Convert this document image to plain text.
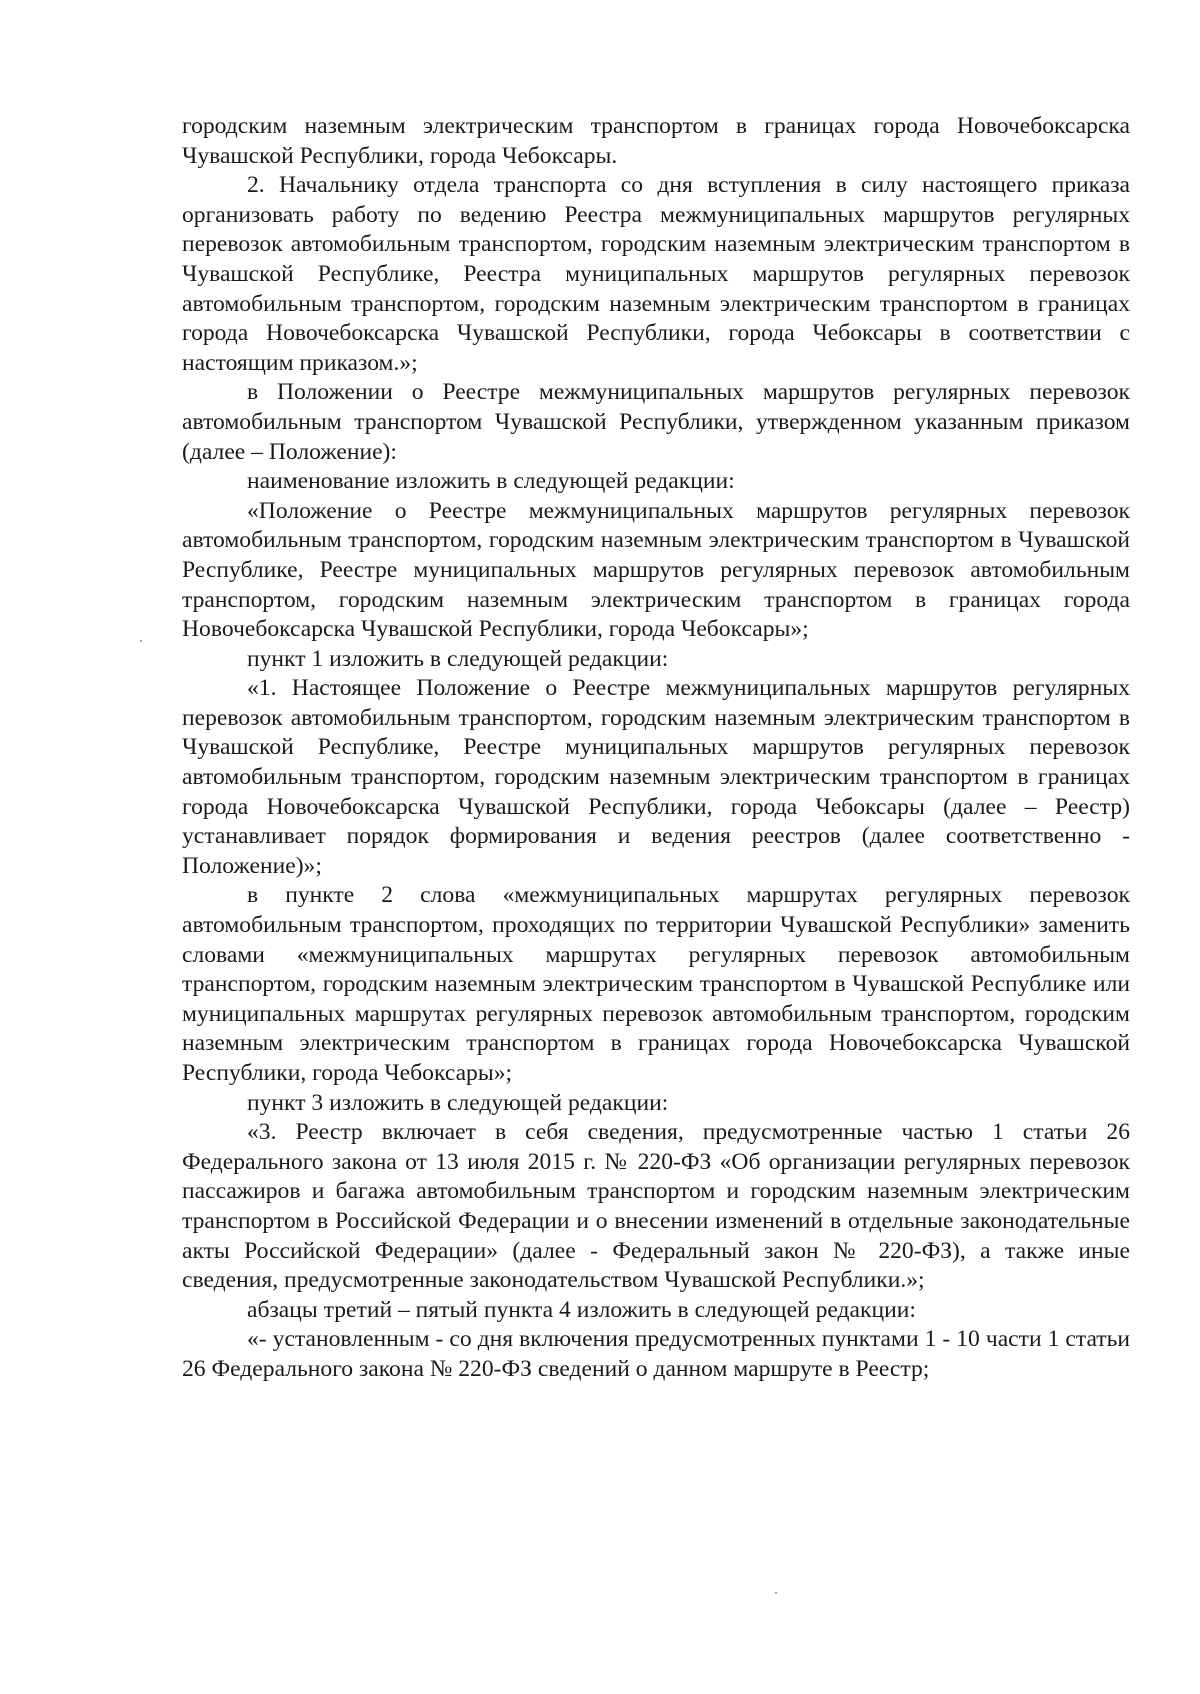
городским наземным электрическим транспортом в границах города Новочебоксарска Чувашской Республики, города Чебоксары.

2. Начальнику отдела транспорта со дня вступления в силу настоящего приказа организовать работу по ведению Реестра межмуниципальных маршрутов регулярных перевозок автомобильным транспортом, городским наземным электрическим транспортом в Чувашской Республике, Реестра муниципальных маршрутов регулярных перевозок автомобильным транспортом, городским наземным электрическим транспортом в границах города Новочебоксарска Чувашской Республики, города Чебоксары в соответствии с настоящим приказом.»;

в Положении о Реестре межмуниципальных маршрутов регулярных перевозок автомобильным транспортом Чувашской Республики, утвержденном указанным приказом (далее – Положение):

наименование изложить в следующей редакции:

«Положение о Реестре межмуниципальных маршрутов регулярных перевозок автомобильным транспортом, городским наземным электрическим транспортом в Чувашской Республике, Реестре муниципальных маршрутов регулярных перевозок автомобильным транспортом, городским наземным электрическим транспортом в границах города Новочебоксарска Чувашской Республики, города Чебоксары»;

пункт 1 изложить в следующей редакции:

«1. Настоящее Положение о Реестре межмуниципальных маршрутов регулярных перевозок автомобильным транспортом, городским наземным электрическим транспортом в Чувашской Республике, Реестре муниципальных маршрутов регулярных перевозок автомобильным транспортом, городским наземным электрическим транспортом в границах города Новочебоксарска Чувашской Республики, города Чебоксары (далее – Реестр) устанавливает порядок формирования и ведения реестров (далее соответственно - Положение)»;

в пункте 2 слова «межмуниципальных маршрутах регулярных перевозок автомобильным транспортом, проходящих по территории Чувашской Республики» заменить словами «межмуниципальных маршрутах регулярных перевозок автомобильным транспортом, городским наземным электрическим транспортом в Чувашской Республике или муниципальных маршрутах регулярных перевозок автомобильным транспортом, городским наземным электрическим транспортом в границах города Новочебоксарска Чувашской Республики, города Чебоксары»;

пункт 3 изложить в следующей редакции:

«3. Реестр включает в себя сведения, предусмотренные частью 1 статьи 26 Федерального закона от 13 июля 2015 г. № 220-ФЗ «Об организации регулярных перевозок пассажиров и багажа автомобильным транспортом и городским наземным электрическим транспортом в Российской Федерации и о внесении изменений в отдельные законодательные акты Российской Федерации» (далее - Федеральный закон № 220-ФЗ), а также иные сведения, предусмотренные законодательством Чувашской Республики.»;

абзацы третий – пятый пункта 4 изложить в следующей редакции:

«- установленным - со дня включения предусмотренных пунктами 1 - 10 части 1 статьи 26 Федерального закона № 220-ФЗ сведений о данном маршруте в Реестр;
